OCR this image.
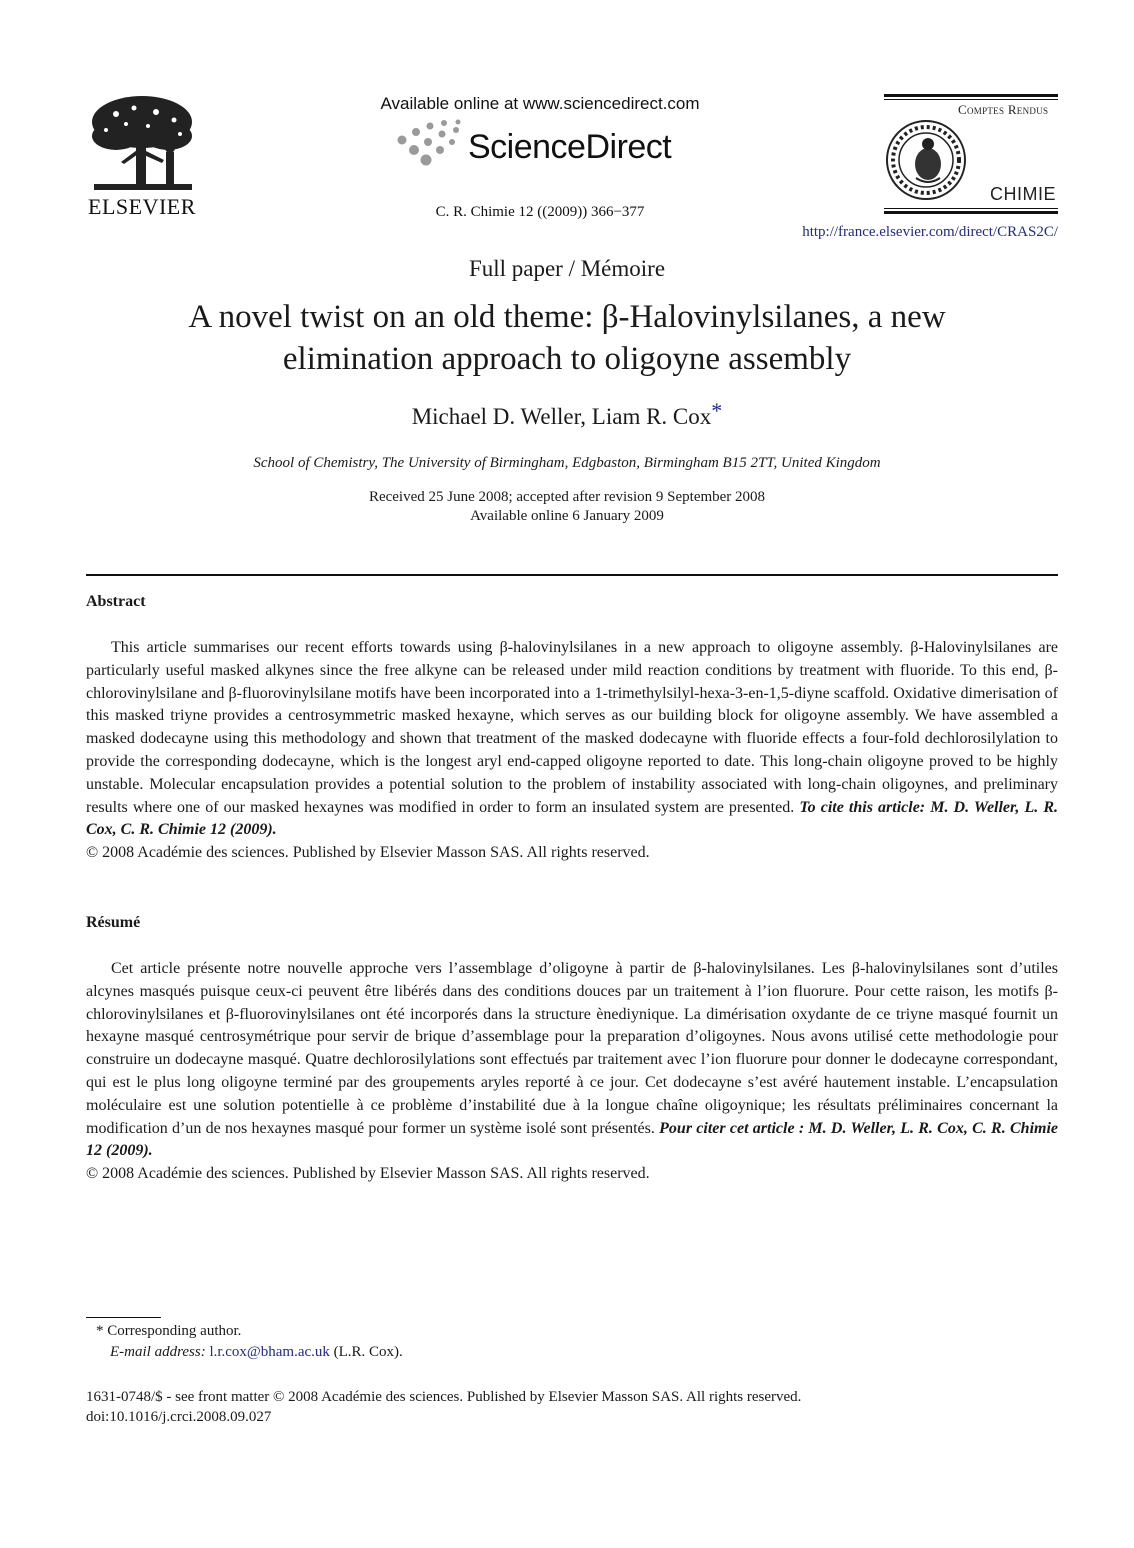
ELSEVIER
Available online at www.sciencedirect.com
ScienceDirect
C. R. Chimie 12 ((2009)) 366−377
Comptes Rendus
CHIMIE
http://france.elsevier.com/direct/CRAS2C/
Full paper / Mémoire
A novel twist on an old theme: β-Halovinylsilanes, a new
elimination approach to oligoyne assembly
Michael D. Weller, Liam R. Cox*
School of Chemistry, The University of Birmingham, Edgbaston, Birmingham B15 2TT, United Kingdom
Received 25 June 2008; accepted after revision 9 September 2008
Available online 6 January 2009
Abstract

This article summarises our recent efforts towards using β-halovinylsilanes in a new approach to oligoyne assembly. β-Halovinylsilanes are particularly useful masked alkynes since the free alkyne can be released under mild reaction conditions by treatment with fluoride. To this end, β-chlorovinylsilane and β-fluorovinylsilane motifs have been incorporated into a 1-trimethylsilyl-hexa-3-en-1,5-diyne scaffold. Oxidative dimerisation of this masked triyne provides a centrosymmetric masked hexayne, which serves as our building block for oligoyne assembly. We have assembled a masked dodecayne using this methodology and shown that treatment of the masked dodecayne with fluoride effects a four-fold dechlorosilylation to provide the corresponding dodecayne, which is the longest aryl end-capped oligoyne reported to date. This long-chain oligoyne proved to be highly unstable. Molecular encapsulation provides a potential solution to the problem of instability associated with long-chain oligoynes, and preliminary results where one of our masked hexaynes was modified in order to form an insulated system are presented. To cite this article: M. D. Weller, L. R. Cox, C. R. Chimie 12 (2009).

© 2008 Académie des sciences. Published by Elsevier Masson SAS. All rights reserved.

Résumé

Cet article présente notre nouvelle approche vers l’assemblage d’oligoyne à partir de β-halovinylsilanes. Les β-halovinylsilanes sont d’utiles alcynes masqués puisque ceux-ci peuvent être libérés dans des conditions douces par un traitement à l’ion fluorure. Pour cette raison, les motifs β-chlorovinylsilanes et β-fluorovinylsilanes ont été incorporés dans la structure ènediynique. La dimérisation oxydante de ce triyne masqué fournit un hexayne masqué centrosymétrique pour servir de brique d’assemblage pour la preparation d’oligoynes. Nous avons utilisé cette methodologie pour construire un dodecayne masqué. Quatre dechlorosilylations sont effectués par traitement avec l’ion fluorure pour donner le dodecayne correspondant, qui est le plus long oligoyne terminé par des groupements aryles reporté à ce jour. Cet dodecayne s’est avéré hautement instable. L’encapsulation moléculaire est une solution potentielle à ce problème d’instabilité due à la longue chaîne oligoynique; les résultats préliminaires concernant la modification d’un de nos hexaynes masqué pour former un système isolé sont présentés. Pour citer cet article : M. D. Weller, L. R. Cox, C. R. Chimie 12 (2009).

© 2008 Académie des sciences. Published by Elsevier Masson SAS. All rights reserved.

* Corresponding author.
E-mail address: l.r.cox@bham.ac.uk (L.R. Cox).
1631-0748/$ - see front matter © 2008 Académie des sciences. Published by Elsevier Masson SAS. All rights reserved.
doi:10.1016/j.crci.2008.09.027
